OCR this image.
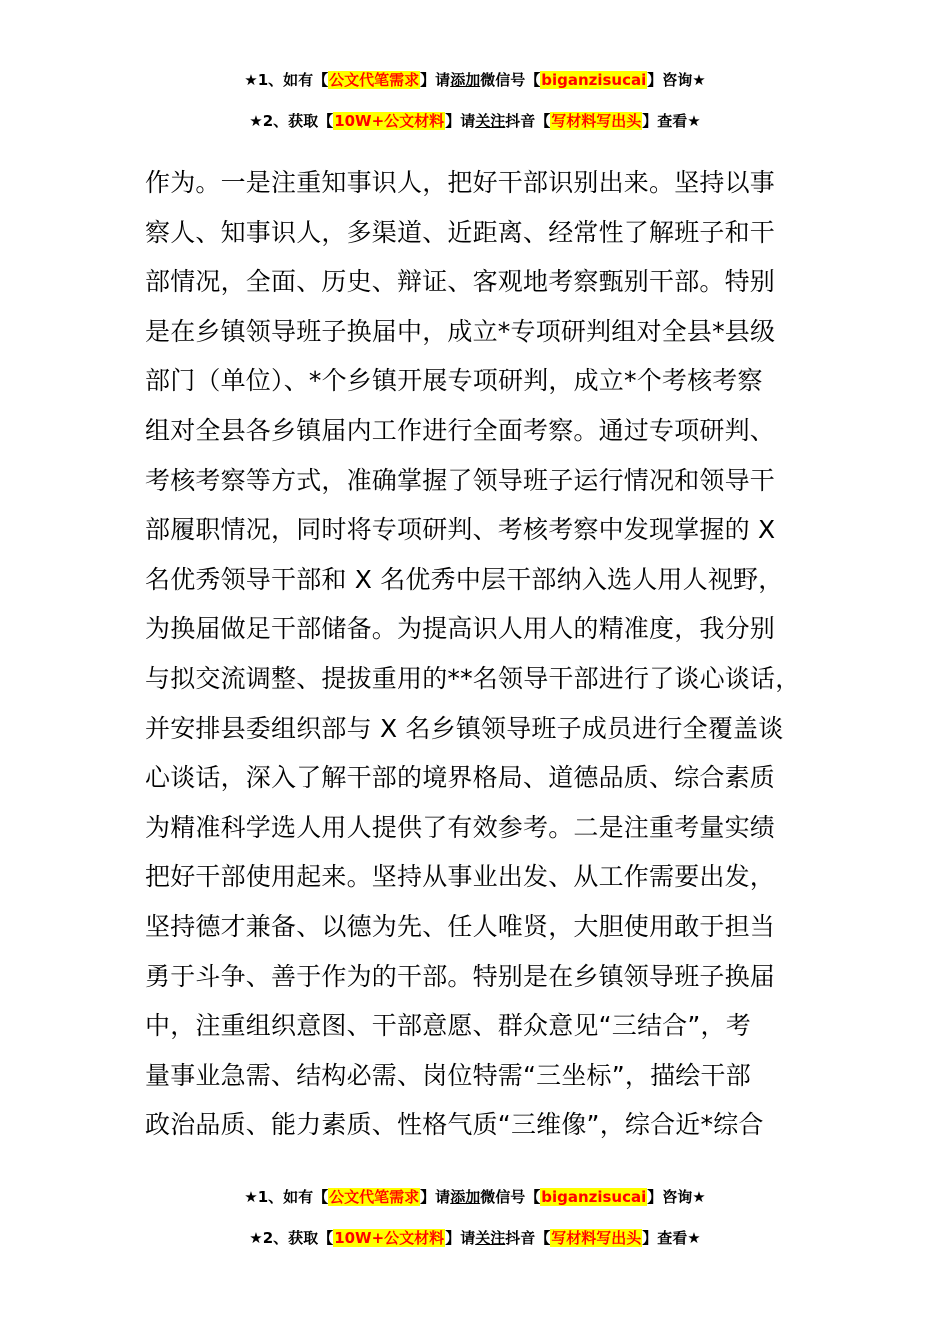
★1、如有【公文代笔需求】请添加微信号【biganzisucai】咨询★
★2、获取【10W+公文材料】请关注抖音【写材料写出头】查看★
作为。一是注重知事识人，把好干部识别出来。坚持以事
察人、知事识人，多渠道、近距离、经常性了解班子和干
部情况，全面、历史、辩证、客观地考察甄别干部。特别
是在乡镇领导班子换届中，成立*专项研判组对全县*县级
部门（单位）、*个乡镇开展专项研判，成立*个考核考察
组对全县各乡镇届内工作进行全面考察。通过专项研判、
考核考察等方式，准确掌握了领导班子运行情况和领导干
部履职情况，同时将专项研判、考核考察中发现掌握的 X
名优秀领导干部和 X 名优秀中层干部纳入选人用人视野，
为换届做足干部储备。为提高识人用人的精准度，我分别
与拟交流调整、提拔重用的**名领导干部进行了谈心谈话，
并安排县委组织部与 X 名乡镇领导班子成员进行全覆盖谈
心谈话，深入了解干部的境界格局、道德品质、综合素质
为精准科学选人用人提供了有效参考。二是注重考量实绩
把好干部使用起来。坚持从事业出发、从工作需要出发，
坚持德才兼备、以德为先、任人唯贤，大胆使用敢于担当
勇于斗争、善于作为的干部。特别是在乡镇领导班子换届
中，注重组织意图、干部意愿、群众意见“三结合”，考
量事业急需、结构必需、岗位特需“三坐标”，描绘干部
政治品质、能力素质、性格气质“三维像”，综合近*综合
★1、如有【公文代笔需求】请添加微信号【biganzisucai】咨询★
★2、获取【10W+公文材料】请关注抖音【写材料写出头】查看★
